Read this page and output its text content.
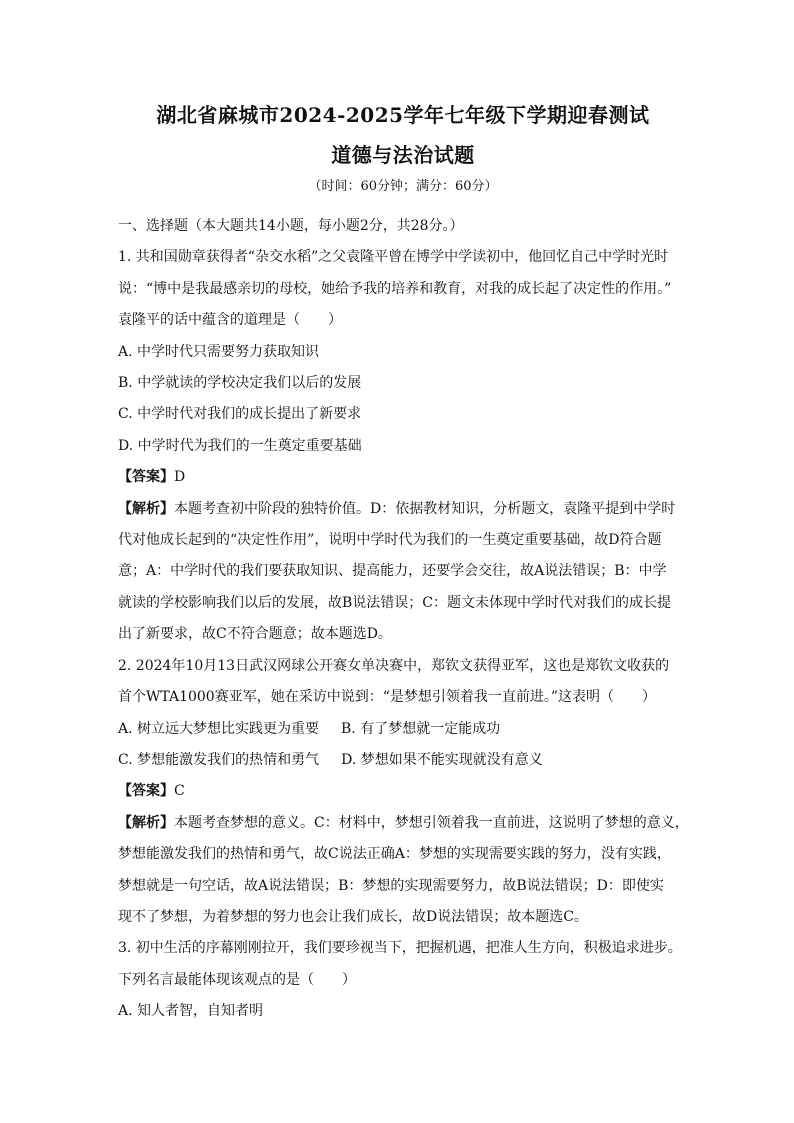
湖北省麻城市2024-2025学年七年级下学期迎春测试

道德与法治试题

（时间：60分钟；满分：60分）

一、选择题（本大题共14小题，每小题2分，共28分。）

1. 共和国勋章获得者“杂交水稻”之父袁隆平曾在博学中学读初中，他回忆自己中学时光时

说：“博中是我最感亲切的母校，她给予我的培养和教育，对我的成长起了决定性的作用。”

袁隆平的话中蕴含的道理是（　　）

A. 中学时代只需要努力获取知识

B. 中学就读的学校决定我们以后的发展

C. 中学时代对我们的成长提出了新要求

D. 中学时代为我们的一生奠定重要基础

【答案】D

【解析】本题考查初中阶段的独特价值。D：依据教材知识，分析题文，袁隆平提到中学时

代对他成长起到的“决定性作用”，说明中学时代为我们的一生奠定重要基础，故D符合题

意；A：中学时代的我们要获取知识、提高能力，还要学会交往，故A说法错误；B：中学

就读的学校影响我们以后的发展，故B说法错误；C：题文未体现中学时代对我们的成长提

出了新要求，故C不符合题意；故本题选D。

2. 2024年10月13日武汉网球公开赛女单决赛中，郑钦文获得亚军，这也是郑钦文收获的

首个WTA1000赛亚军，她在采访中说到：“是梦想引领着我一直前进。”这表明（　　）

A. 树立远大梦想比实践更为重要 B. 有了梦想就一定能成功
C. 梦想能激发我们的热情和勇气 D. 梦想如果不能实现就没有意义

【答案】C

【解析】本题考查梦想的意义。C：材料中，梦想引领着我一直前进，这说明了梦想的意义，

梦想能激发我们的热情和勇气，故C说法正确A：梦想的实现需要实践的努力，没有实践，

梦想就是一句空话，故A说法错误；B：梦想的实现需要努力，故B说法错误；D：即使实

现不了梦想，为着梦想的努力也会让我们成长，故D说法错误；故本题选C。

3. 初中生活的序幕刚刚拉开，我们要珍视当下，把握机遇，把准人生方向，积极追求进步。

下列名言最能体现该观点的是（　　）

A. 知人者智，自知者明
